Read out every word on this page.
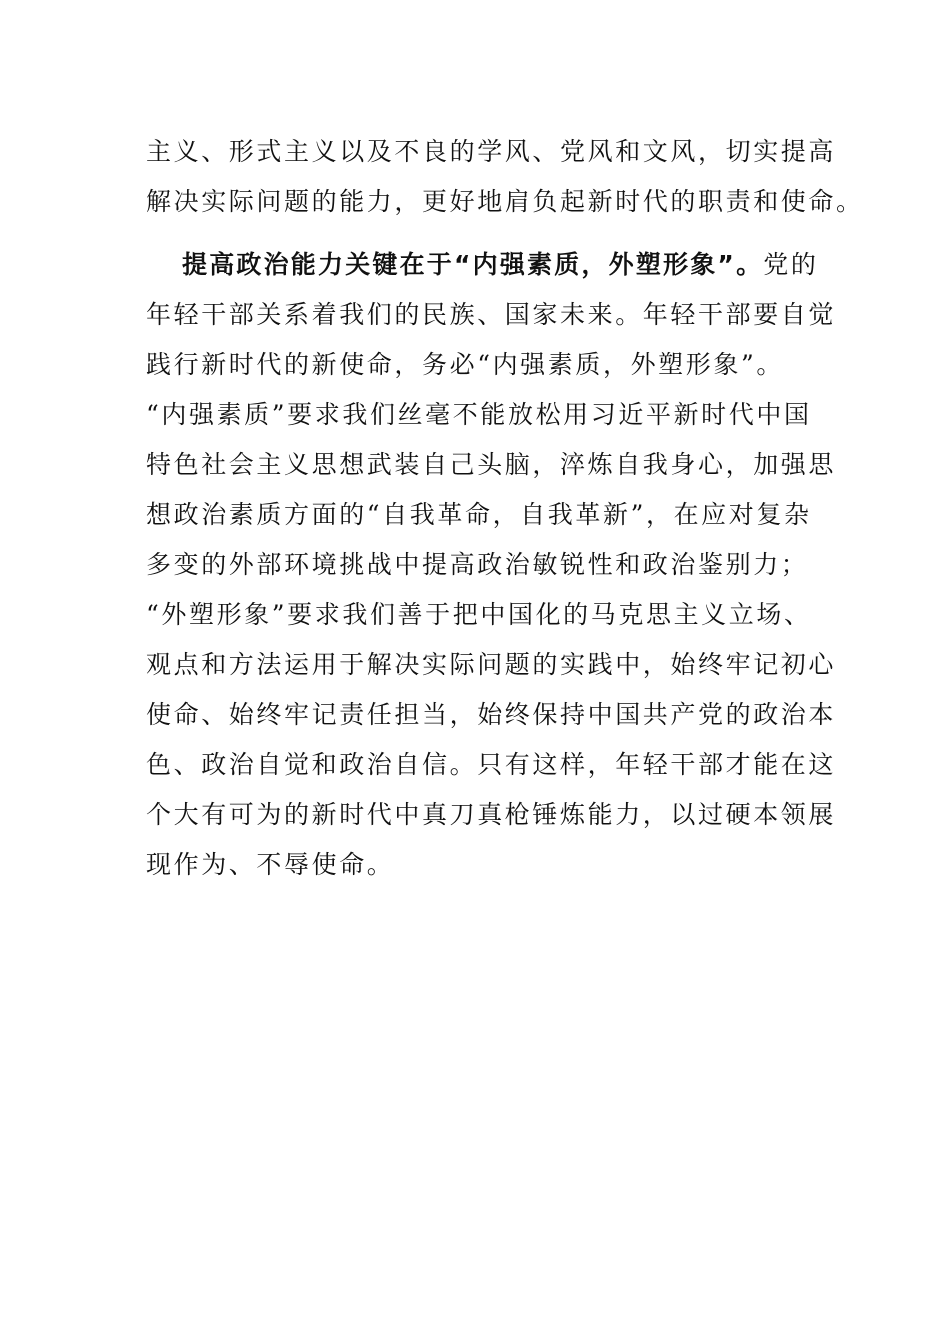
主义、形式主义以及不良的学风、党风和文风，切实提高
解决实际问题的能力，更好地肩负起新时代的职责和使命。
提高政治能力关键在于“内强素质，外塑形象”。党的
年轻干部关系着我们的民族、国家未来。年轻干部要自觉
践行新时代的新使命，务必“内强素质，外塑形象”。
“内强素质”要求我们丝毫不能放松用习近平新时代中国
特色社会主义思想武装自己头脑，淬炼自我身心，加强思
想政治素质方面的“自我革命，自我革新”，在应对复杂
多变的外部环境挑战中提高政治敏锐性和政治鉴别力；
“外塑形象”要求我们善于把中国化的马克思主义立场、
观点和方法运用于解决实际问题的实践中，始终牢记初心
使命、始终牢记责任担当，始终保持中国共产党的政治本
色、政治自觉和政治自信。只有这样，年轻干部才能在这
个大有可为的新时代中真刀真枪锤炼能力，以过硬本领展
现作为、不辱使命。
